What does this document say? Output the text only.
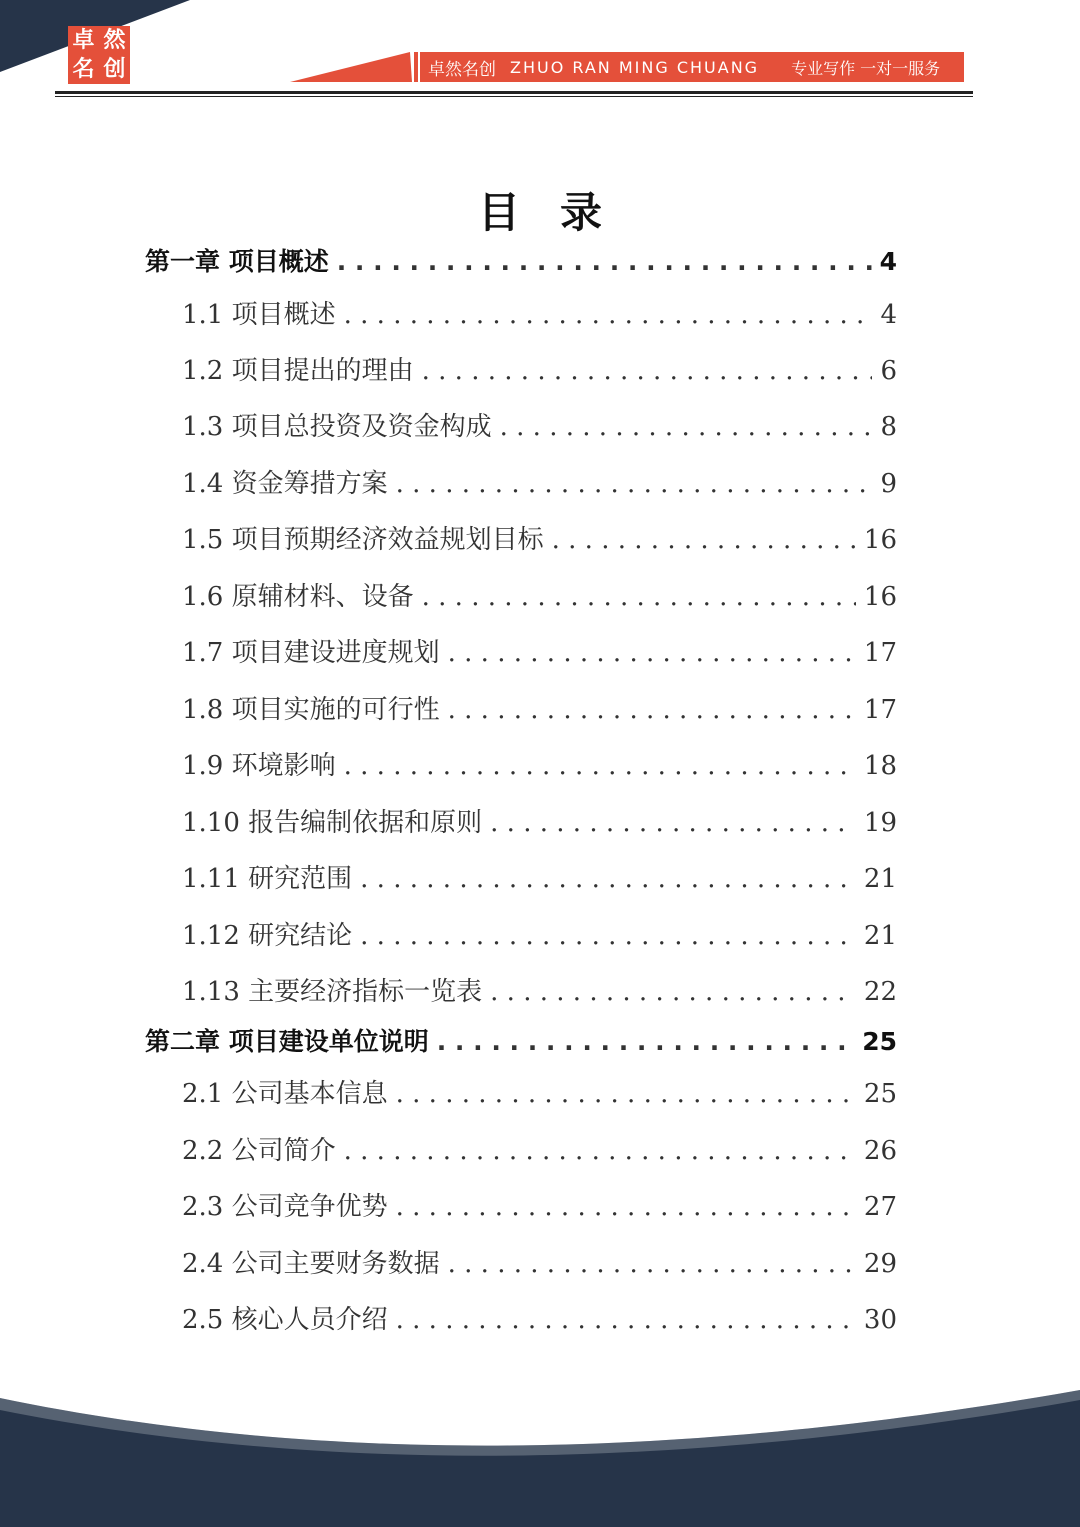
卓 然
名 创	卓然名创 ZHUO RAN MING CHUANG 专业写作 一对一服务
目录
第一章 项目概述 . . .	4
1.1 项目概述 . . .	4
1.2 项目提出的理由 . . .	6
1.3 项目总投资及资金构成 . . .	8
1.4 资金筹措方案 . . .	9
1.5 项目预期经济效益规划目标 . . .	16
1.6 原辅材料、设备 . . .	16
1.7 项目建设进度规划 . . .	17
1.8 项目实施的可行性 . . .	17
1.9 环境影响 . . .	18
1.10 报告编制依据和原则 . . .	19
1.11 研究范围 . . .	21
1.12 研究结论 . . .	21
1.13 主要经济指标一览表 . . .	22
第二章 项目建设单位说明 . . .	25
2.1 公司基本信息 . . .	25
2.2 公司简介 . . .	26
2.3 公司竞争优势 . . .	27
2.4 公司主要财务数据 . . .	29
2.5 核心人员介绍 . . .	30
